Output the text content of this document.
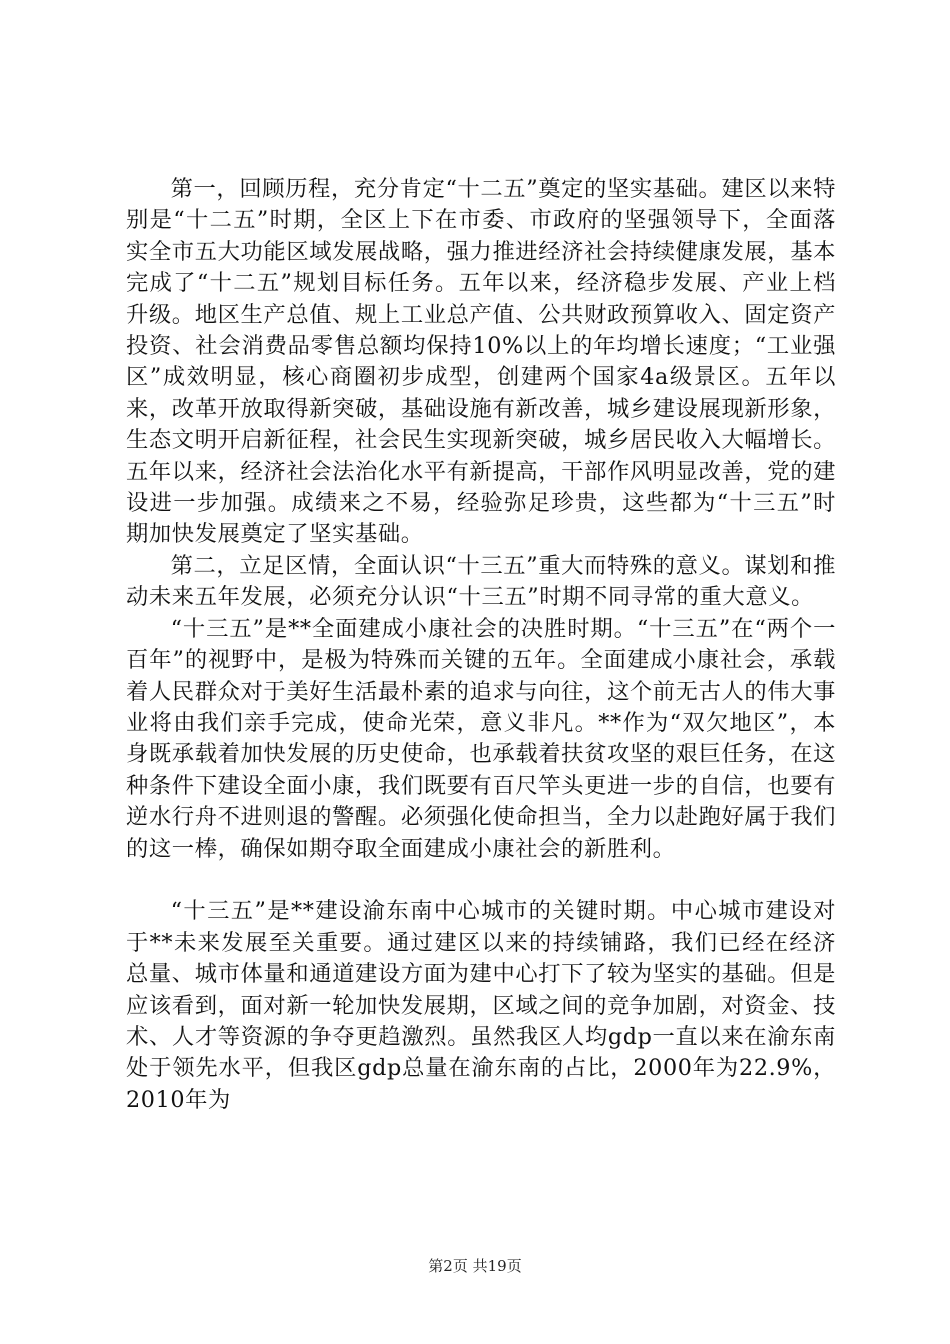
第一，回顾历程，充分肯定“十二五”奠定的坚实基础。建区以来特别是“十二五”时期，全区上下在市委、市政府的坚强领导下，全面落实全市五大功能区域发展战略，强力推进经济社会持续健康发展，基本完成了“十二五”规划目标任务。五年以来，经济稳步发展、产业上档升级。地区生产总值、规上工业总产值、公共财政预算收入、固定资产投资、社会消费品零售总额均保持10%以上的年均增长速度；“工业强区”成效明显，核心商圈初步成型，创建两个国家4a级景区。五年以来，改革开放取得新突破，基础设施有新改善，城乡建设展现新形象，生态文明开启新征程，社会民生实现新突破，城乡居民收入大幅增长。五年以来，经济社会法治化水平有新提高，干部作风明显改善，党的建设进一步加强。成绩来之不易，经验弥足珍贵，这些都为“十三五”时期加快发展奠定了坚实基础。

第二，立足区情，全面认识“十三五”重大而特殊的意义。谋划和推动未来五年发展，必须充分认识“十三五”时期不同寻常的重大意义。

“十三五”是**全面建成小康社会的决胜时期。“十三五”在“两个一百年”的视野中，是极为特殊而关键的五年。全面建成小康社会，承载着人民群众对于美好生活最朴素的追求与向往，这个前无古人的伟大事业将由我们亲手完成，使命光荣，意义非凡。**作为“双欠地区”，本身既承载着加快发展的历史使命，也承载着扶贫攻坚的艰巨任务，在这种条件下建设全面小康，我们既要有百尺竿头更进一步的自信，也要有逆水行舟不进则退的警醒。必须强化使命担当，全力以赴跑好属于我们的这一棒，确保如期夺取全面建成小康社会的新胜利。

“十三五”是**建设渝东南中心城市的关键时期。中心城市建设对于**未来发展至关重要。通过建区以来的持续铺路，我们已经在经济总量、城市体量和通道建设方面为建中心打下了较为坚实的基础。但是应该看到，面对新一轮加快发展期，区域之间的竞争加剧，对资金、技术、人才等资源的争夺更趋激烈。虽然我区人均gdp一直以来在渝东南处于领先水平，但我区gdp总量在渝东南的占比，2000年为22.9%，2010年为

第2页 共19页
